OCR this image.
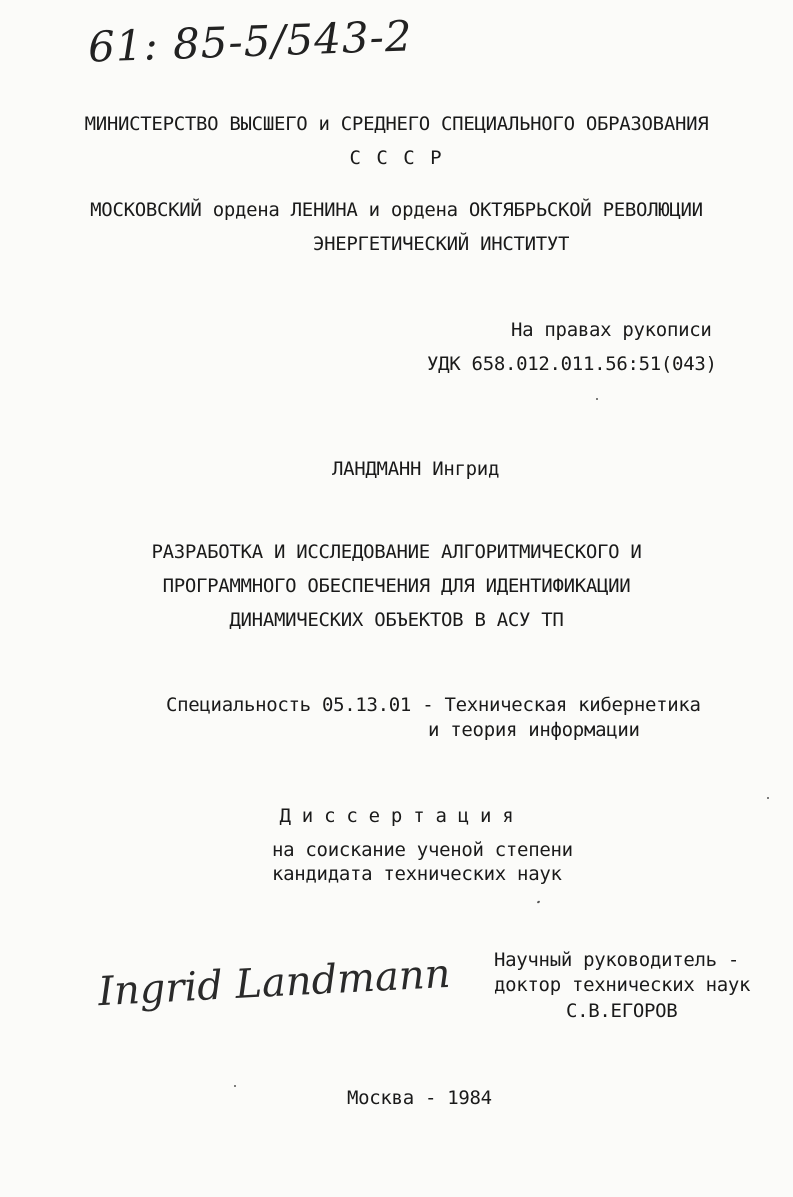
61: 85-5/543-2
МИНИСТЕРСТВО ВЫСШЕГО и СРЕДНЕГО СПЕЦИАЛЬНОГО ОБРАЗОВАНИЯ
С С С Р
МОСКОВСКИЙ ордена ЛЕНИНА и ордена ОКТЯБРЬСКОЙ РЕВОЛЮЦИИ
ЭНЕРГЕТИЧЕСКИЙ ИНСТИТУТ
На правах рукописи
УДК 658.012.011.56:51(043)
ЛАНДМАНН Ингрид
РАЗРАБОТКА И ИССЛЕДОВАНИЕ АЛГОРИТМИЧЕСКОГО И
ПРОГРАММНОГО ОБЕСПЕЧЕНИЯ ДЛЯ ИДЕНТИФИКАЦИИ
ДИНАМИЧЕСКИХ ОБЪЕКТОВ В АСУ ТП
Специальность 05.13.01 - Техническая кибернетика
и теория информации
Д и с с е р т а ц и я
на соискание ученой степени
кандидата технических наук
Ingrid Landmann Научный руководитель -
доктор технических наук
С.В.ЕГОРОВ
Москва - 1984
